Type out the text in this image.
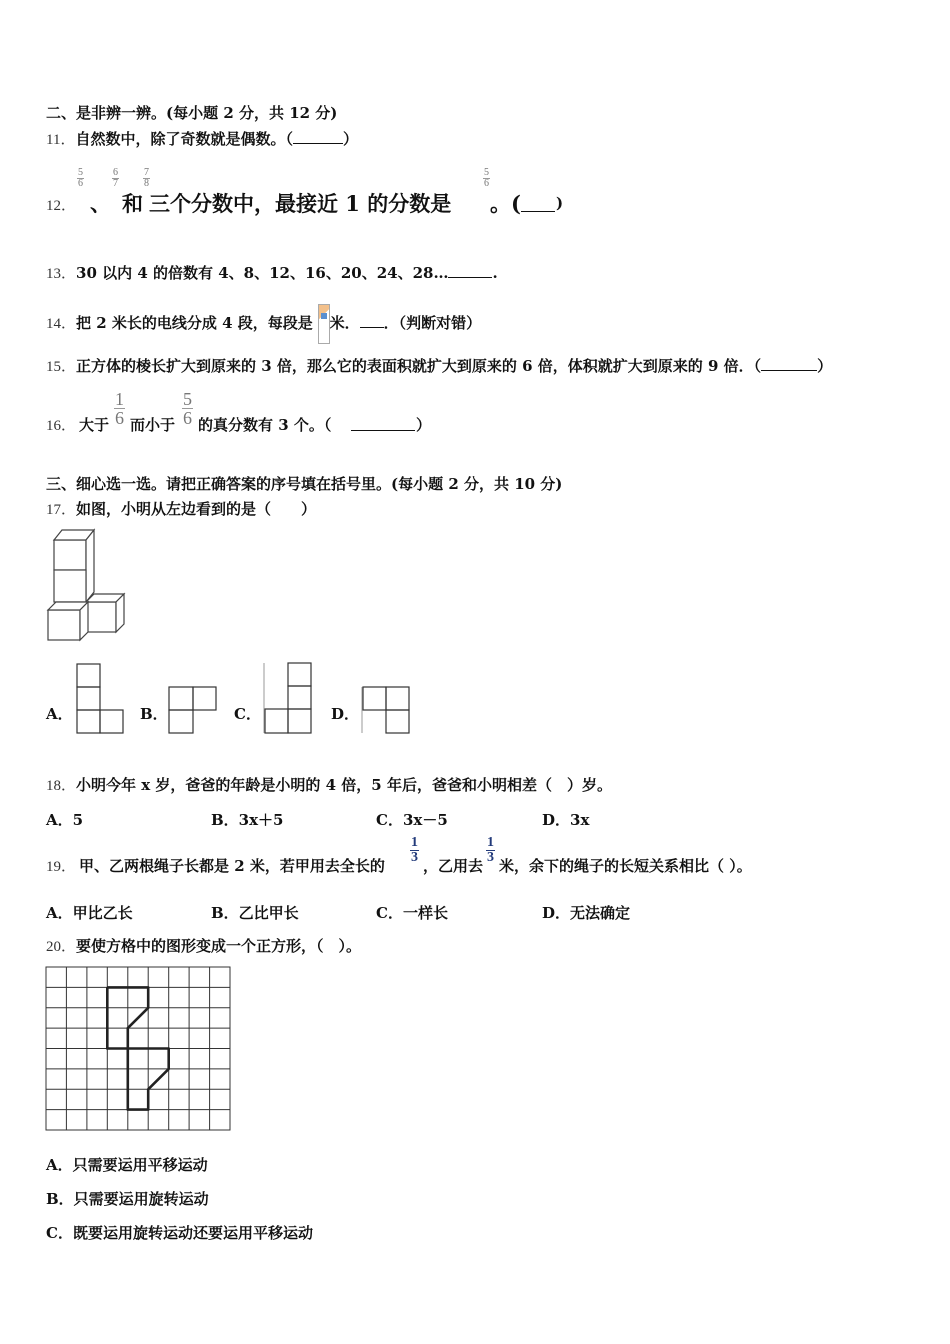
二、是非辨一辨。(每小题 2 分，共 12 分)
11．自然数中，除了奇数就是偶数。（	）
12．
$\frac{5}{6}$
、
$\frac{6}{7}$
和
$\frac{7}{8}$
三个分数中，最接近 1 的分数是
$\frac{5}{6}$
。( )
13．30 以内 4 的倍数有 4、8、12、16、20、24、28…	.
14．把 2 米长的电线分成 4 段，每段是 米． ．（判断对错）
15．正方体的棱长扩大到原来的 3 倍，那么它的表面积就扩大到原来的 6 倍，体积就扩大到原来的 9 倍．（	）
16． 大于 $\frac{1}{6}$ 而小于 $\frac{5}{6}$ 的真分数有 3 个。（	）
三、细心选一选。请把正确答案的序号填在括号里。(每小题 2 分，共 10 分)
17．如图，小明从左边看到的是（　　）
A．	B．	C．	D．
18．小明今年 x 岁，爸爸的年龄是小明的 4 倍，5 年后，爸爸和小明相差（　）岁。
A．5	B．3x＋5	C．3x－5	D．3x
19． 甲、乙两根绳子长都是 2 米，若甲用去全长的
$\frac{1}{3}$
，乙用去
$\frac{1}{3}$
米，余下的绳子的长短关系相比（ ）。
A．甲比乙长	B．乙比甲长	C．一样长	D．无法确定
20．要使方格中的图形变成一个正方形，（　）。
A．只需要运用平移运动
B．只需要运用旋转运动
C．既要运用旋转运动还要运用平移运动
